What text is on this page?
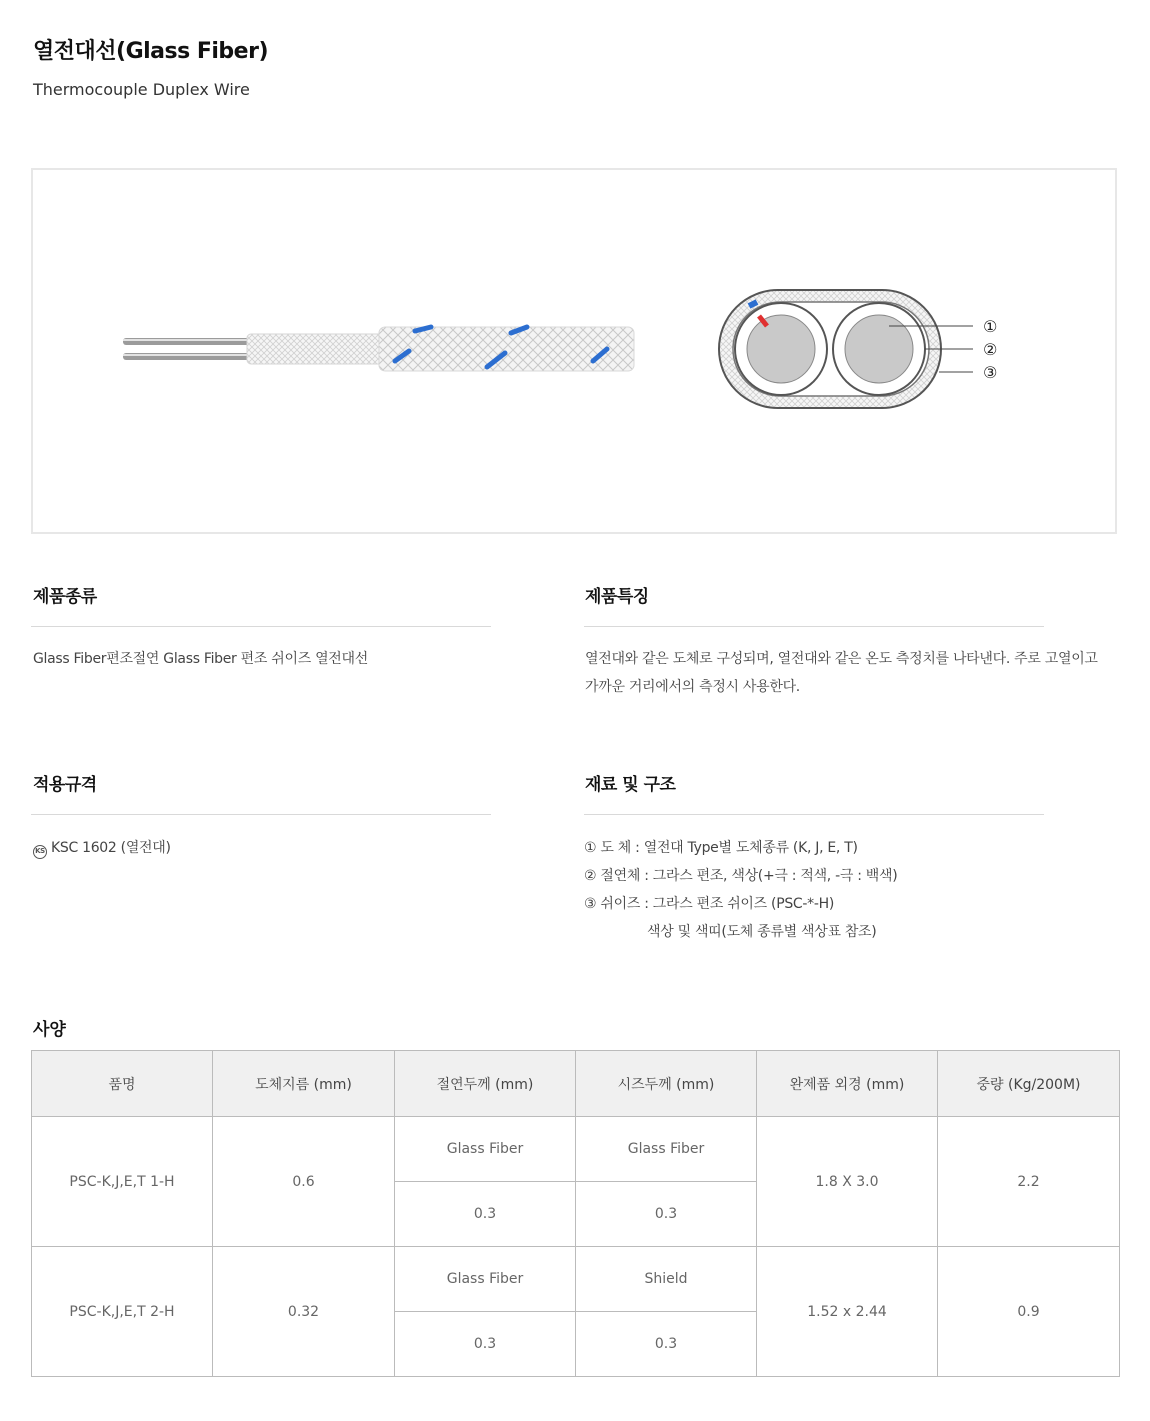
열전대선(Glass Fiber)
Thermocouple Duplex Wire
①
②
③
제품종류
Glass Fiber편조절연 Glass Fiber 편조 쉬이즈 열전대선
제품특징
열전대와 같은 도체로 구성되며, 열전대와 같은 온도 측정치를 나타낸다. 주로 고열이고
가까운 거리에서의 측정시 사용한다.
적용규격
KS KSC 1602 (열전대)
재료 및 구조
① 도 체 : 열전대 Type별 도체종류 (K, J, E, T)
② 절연체 : 그라스 편조, 색상(+극 : 적색, -극 : 백색)
③ 쉬이즈 : 그라스 편조 쉬이즈 (PSC-*-H)
색상 및 색띠(도체 종류별 색상표 참조)
사양
품명	도체지름 (mm)	절연두께 (mm)	시즈두께 (mm)	완제품 외경 (mm)	중량 (Kg/200M)
PSC-K,J,E,T 1-H	0.6	Glass Fiber	Glass Fiber	1.8 X 3.0	2.2
		0.3	0.3		
PSC-K,J,E,T 2-H	0.32	Glass Fiber	Shield	1.52 x 2.44	0.9
		0.3	0.3		
